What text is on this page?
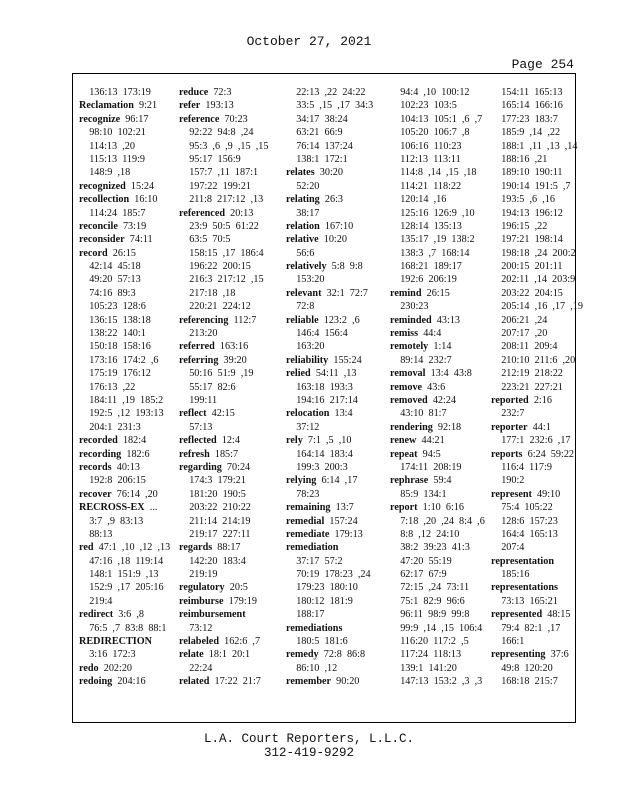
October 27, 2021
Page 254
136:13  173:19
Reclamation 9:21
recognize 96:17
98:10  102:21
114:13  ,20
115:13  119:9
148:9  ,18
recognized 15:24
recollection 16:10
114:24  185:7
reconcile 73:19
reconsider 74:11
record 26:15
42:14  45:18
49:20  57:13
74:16  89:3
105:23  128:6
136:15  138:18
138:22  140:1
150:18  158:16
173:16  174:2  ,6
175:19  176:12
176:13  ,22
184:11  ,19  185:2
192:5  ,12  193:13
204:1  231:3
recorded 182:4
recording 182:6
records 40:13
192:8  206:15
recover 76:14  ,20
RECROSS-EX ...
3:7  ,9  83:13
88:13
red 47:1  ,10  ,12  ,13
47:16  ,18  119:14
148:1  151:9  ,13
152:9  ,17  205:16
219:4
redirect 3:6  ,8
76:5  ,7  83:8  88:1
REDIRECTION
3:16  172:3
redo 202:20
redoing 204:16
reduce 72:3
refer 193:13
reference 70:23
92:22  94:8  ,24
95:3  ,6  ,9  ,15  ,15
95:17  156:9
157:7  ,11  187:1
197:22  199:21
211:8  217:12  ,13
referenced 20:13
23:9  50:5  61:22
63:5  70:5
158:15  ,17  186:4
196:22  200:15
216:3  217:12  ,15
217:18  ,18
220:21  224:12
referencing 112:7
213:20
referred 163:16
referring 39:20
50:16  51:9  ,19
55:17  82:6
199:11
reflect 42:15
57:13
reflected 12:4
refresh 185:7
regarding 70:24
174:3  179:21
181:20  190:5
203:22  210:22
211:14  214:19
219:17  227:11
regards 88:17
142:20  183:4
219:19
regulatory 20:5
reimburse 179:19
reimbursement
73:12
relabeled 162:6  ,7
relate 18:1  20:1
22:24
related 17:22  21:7
22:13  ,22  24:22
33:5  ,15  ,17  34:3
34:17  38:24
63:21  66:9
76:14  137:24
138:1  172:1
relates 30:20
52:20
relating 26:3
38:17
relation 167:10
relative 10:20
56:6
relatively 5:8  9:8
153:20
relevant 32:1  72:7
72:8
reliable 123:2  ,6
146:4  156:4
163:20
reliability 155:24
relied 54:11  ,13
163:18  193:3
194:16  217:14
relocation 13:4
37:12
rely 7:1  ,5  ,10
164:14  183:4
199:3  200:3
relying 6:14  ,17
78:23
remaining 13:7
remedial 157:24
remediate 179:13
remediation
37:17  57:2
70:19  178:23  ,24
179:23  180:10
180:12  181:9
188:17
remediations
180:5  181:6
remedy 72:8  86:8
86:10  ,12
remember 90:20
94:4  ,10  100:12
102:23  103:5
104:13  105:1  ,6  ,7
105:20  106:7  ,8
106:16  110:23
112:13  113:11
114:8  ,14  ,15  ,18
114:21  118:22
120:14  ,16
125:16  126:9  ,10
128:14  135:13
135:17  ,19  138:2
138:3  ,7  168:14
168:21  189:17
192:6  206:19
remind 26:15
230:23
reminded 43:13
remiss 44:4
remotely 1:14
89:14  232:7
removal 13:4  43:8
remove 43:6
removed 42:24
43:10  81:7
rendering 92:18
renew 44:21
repeat 94:5
174:11  208:19
rephrase 59:4
85:9  134:1
report 1:10  6:16
7:18  ,20  ,24  8:4  ,6
8:8  ,12  24:10
38:2  39:23  41:3
47:20  55:19
62:17  67:9
72:15  ,24  73:11
75:1  82:9  96:6
96:11  98:9  99:8
99:9  ,14  ,15  106:4
116:20  117:2  ,5
117:24  118:13
139:1  141:20
147:13  153:2  ,3  ,3
154:11  165:13
165:14  166:16
177:23  183:7
185:9  ,14  ,22
188:1  ,11  ,13  ,14
188:16  ,21
189:10  190:11
190:14  191:5  ,7
193:5  ,6  ,16
194:13  196:12
196:15  ,22
197:21  198:14
198:18  ,24  200:2
200:15  201:11
202:11  ,14  203:9
203:22  204:15
205:14  ,16  ,17  ,19
206:21  ,24
207:17  ,20
208:11  209:4
210:10  211:6  ,20
212:19  218:22
223:21  227:21
reported 2:16
232:7
reporter 44:1
177:1  232:6  ,17
reports 6:24  59:22
116:4  117:9
190:2
represent 49:10
75:4  105:22
128:6  157:23
164:4  165:13
207:4
representation
185:16
representations
73:13  165:21
represented 48:15
79:4  82:1  ,17
166:1
representing 37:6
49:8  120:20
168:18  215:7
L.A. Court Reporters, L.L.C.
312-419-9292
